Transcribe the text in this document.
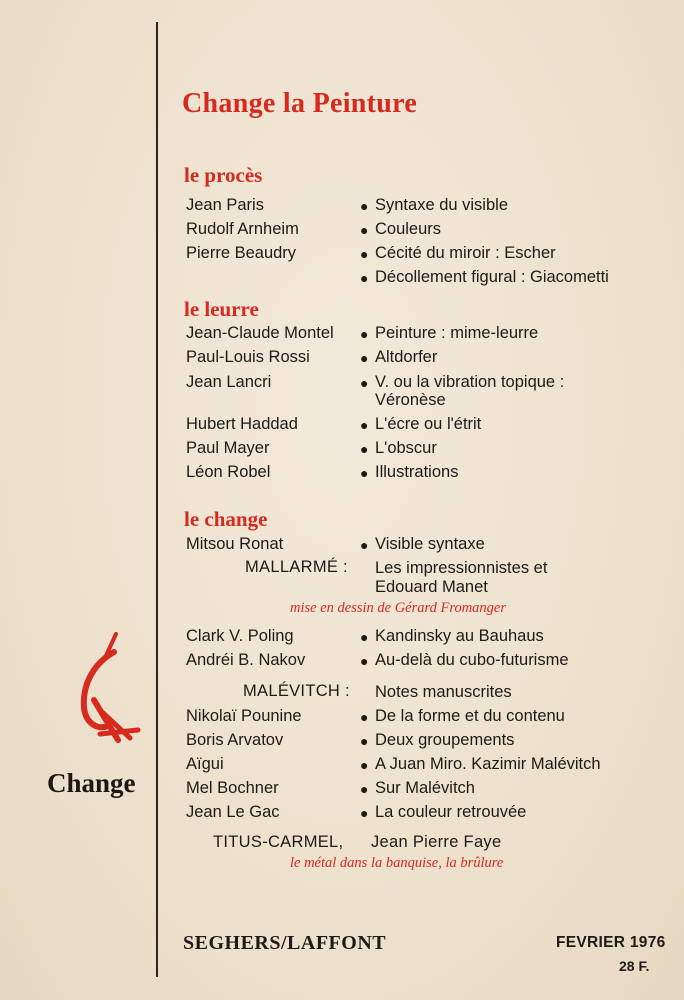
Change la Peinture
le procès
Jean Paris	● Syntaxe du visible
Rudolf Arnheim	● Couleurs
Pierre Beaudry	● Cécité du miroir : Escher
● Décollement figural : Giacometti
le leurre
Jean-Claude Montel ● Peinture : mime-leurre
Paul-Louis Rossi	● Altdorfer
Jean Lancri	● V. ou la vibration topique :
Véronèse
Hubert Haddad	● L'écre ou l'étrit
Paul Mayer	● L'obscur
Léon Robel	● Illustrations
le change
Mitsou Ronat	● Visible syntaxe
MALLARMÉ : Les impressionnistes et
Edouard Manet
mise en dessin de Gérard Fromanger
Clark V. Poling	● Kandinsky au Bauhaus
Andréi B. Nakov	● Au-delà du cubo-futurisme
MALÉVITCH : Notes manuscrites
Nikolaï Pounine	● De la forme et du contenu
Boris Arvatov	● Deux groupements
Aïgui	● A Juan Miro. Kazimir Malévitch
Mel Bochner	● Sur Malévitch
Jean Le Gac	● La couleur retrouvée
TITUS-CARMEL, Jean Pierre Faye
le métal dans la banquise, la brûlure
Change
SEGHERS/LAFFONT	FEVRIER 1976
28 F.
